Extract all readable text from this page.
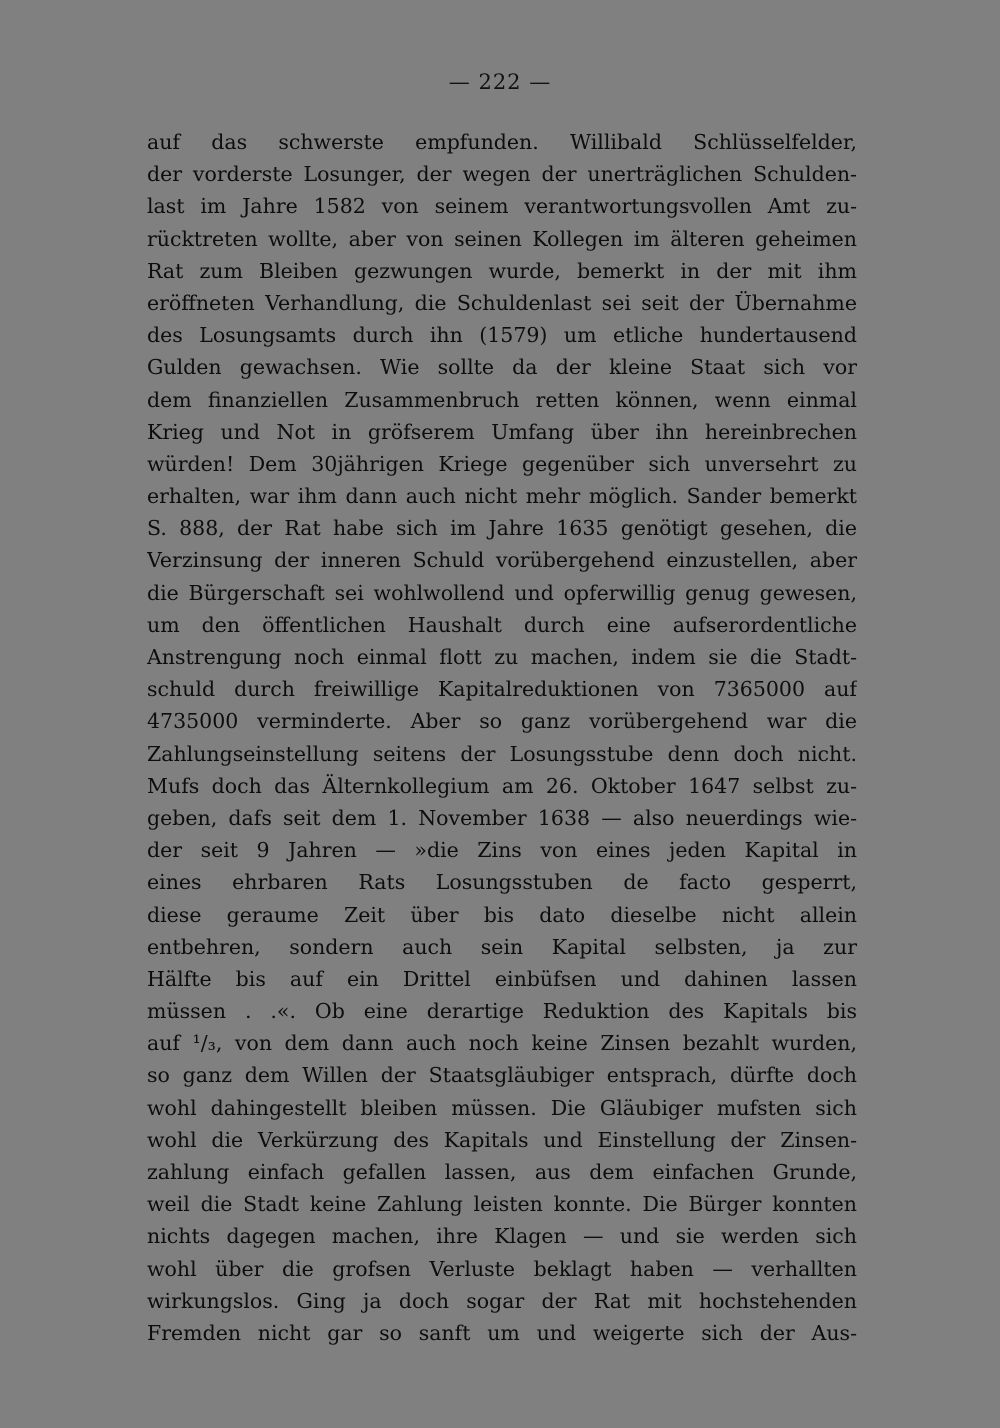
— 222 —
auf das schwerste empfunden. Willibald Schlüsselfelder,
der vorderste Losunger, der wegen der unerträglichen Schulden-
last im Jahre 1582 von seinem verantwortungsvollen Amt zu-
rücktreten wollte, aber von seinen Kollegen im älteren geheimen
Rat zum Bleiben gezwungen wurde, bemerkt in der mit ihm
eröffneten Verhandlung, die Schuldenlast sei seit der Übernahme
des Losungsamts durch ihn (1579) um etliche hundertausend
Gulden gewachsen. Wie sollte da der kleine Staat sich vor
dem finanziellen Zusammenbruch retten können, wenn einmal
Krieg und Not in gröfserem Umfang über ihn hereinbrechen
würden! Dem 30jährigen Kriege gegenüber sich unversehrt zu
erhalten, war ihm dann auch nicht mehr möglich. Sander bemerkt
S. 888, der Rat habe sich im Jahre 1635 genötigt gesehen, die
Verzinsung der inneren Schuld vorübergehend einzustellen, aber
die Bürgerschaft sei wohlwollend und opferwillig genug gewesen,
um den öffentlichen Haushalt durch eine aufserordentliche
Anstrengung noch einmal flott zu machen, indem sie die Stadt-
schuld durch freiwillige Kapitalreduktionen von 7365000 auf
4735000 verminderte. Aber so ganz vorübergehend war die
Zahlungseinstellung seitens der Losungsstube denn doch nicht.
Mufs doch das Älternkollegium am 26. Oktober 1647 selbst zu-
geben, dafs seit dem 1. November 1638 — also neuerdings wie-
der seit 9 Jahren — »die Zins von eines jeden Kapital in
eines ehrbaren Rats Losungsstuben de facto gesperrt,
diese geraume Zeit über bis dato dieselbe nicht allein
entbehren, sondern auch sein Kapital selbsten, ja zur
Hälfte bis auf ein Drittel einbüfsen und dahinen lassen
müssen . .«. Ob eine derartige Reduktion des Kapitals bis
auf ¹/₃, von dem dann auch noch keine Zinsen bezahlt wurden,
so ganz dem Willen der Staatsgläubiger entsprach, dürfte doch
wohl dahingestellt bleiben müssen. Die Gläubiger mufsten sich
wohl die Verkürzung des Kapitals und Einstellung der Zinsen-
zahlung einfach gefallen lassen, aus dem einfachen Grunde,
weil die Stadt keine Zahlung leisten konnte. Die Bürger konnten
nichts dagegen machen, ihre Klagen — und sie werden sich
wohl über die grofsen Verluste beklagt haben — verhallten
wirkungslos. Ging ja doch sogar der Rat mit hochstehenden
Fremden nicht gar so sanft um und weigerte sich der Aus-
